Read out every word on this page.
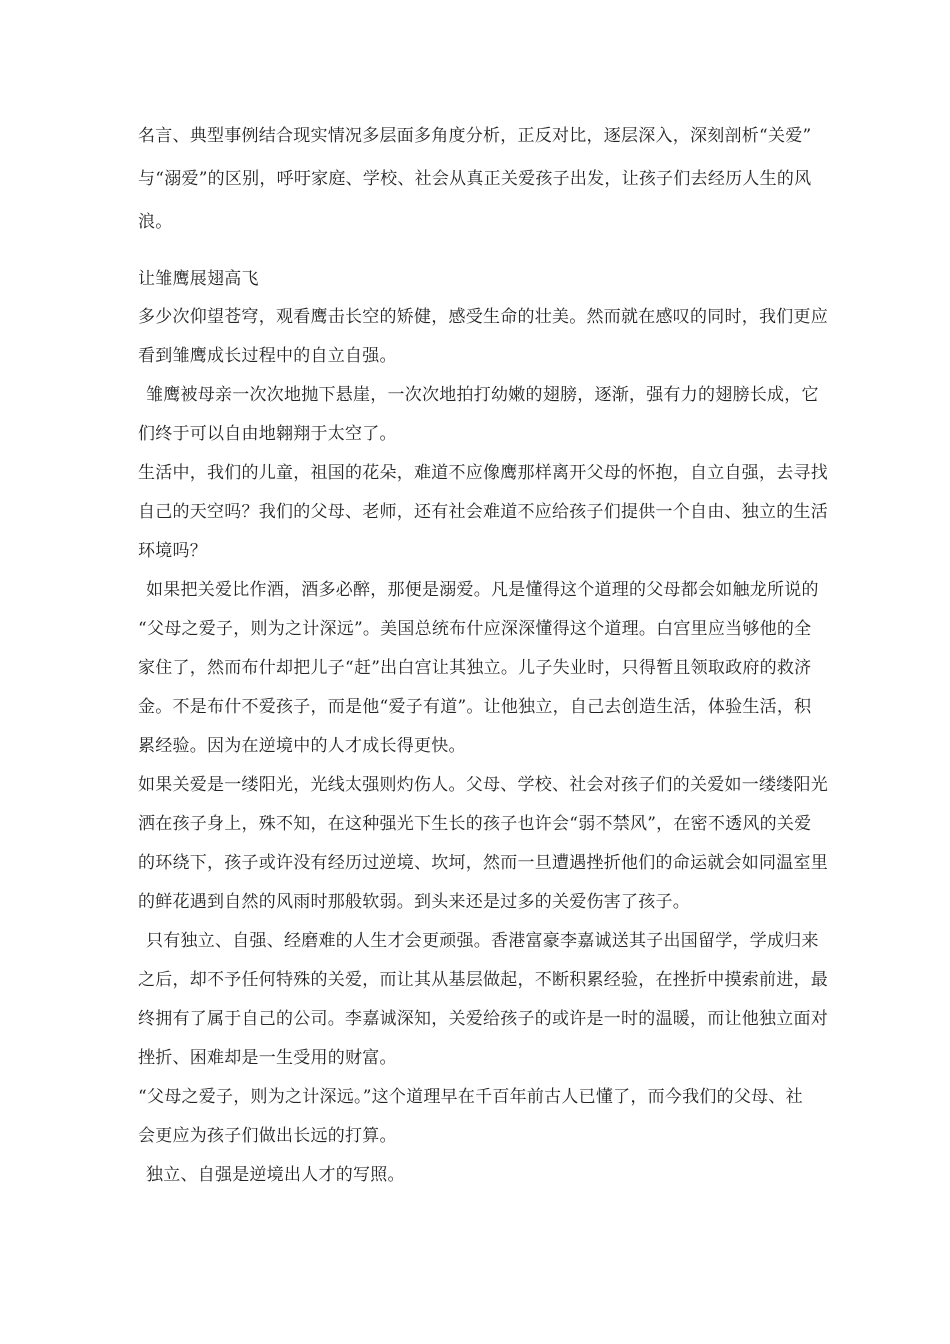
名言、典型事例结合现实情况多层面多角度分析，正反对比，逐层深入，深刻剖析“关爱”
与“溺爱”的区别，呼吁家庭、学校、社会从真正关爱孩子出发，让孩子们去经历人生的风
浪。
让雏鹰展翅高飞
多少次仰望苍穹，观看鹰击长空的矫健，感受生命的壮美。然而就在感叹的同时，我们更应
看到雏鹰成长过程中的自立自强。
雏鹰被母亲一次次地抛下悬崖，一次次地拍打幼嫩的翅膀，逐渐，强有力的翅膀长成，它
们终于可以自由地翱翔于太空了。
生活中，我们的儿童，祖国的花朵，难道不应像鹰那样离开父母的怀抱，自立自强，去寻找
自己的天空吗？我们的父母、老师，还有社会难道不应给孩子们提供一个自由、独立的生活
环境吗？
如果把关爱比作酒，酒多必醉，那便是溺爱。凡是懂得这个道理的父母都会如触龙所说的
“父母之爱子，则为之计深远”。美国总统布什应深深懂得这个道理。白宫里应当够他的全
家住了，然而布什却把儿子“赶”出白宫让其独立。儿子失业时，只得暂且领取政府的救济
金。不是布什不爱孩子，而是他“爱子有道”。让他独立，自己去创造生活，体验生活，积
累经验。因为在逆境中的人才成长得更快。
如果关爱是一缕阳光，光线太强则灼伤人。父母、学校、社会对孩子们的关爱如一缕缕阳光
洒在孩子身上，殊不知，在这种强光下生长的孩子也许会“弱不禁风”，在密不透风的关爱
的环绕下，孩子或许没有经历过逆境、坎坷，然而一旦遭遇挫折他们的命运就会如同温室里
的鲜花遇到自然的风雨时那般软弱。到头来还是过多的关爱伤害了孩子。
只有独立、自强、经磨难的人生才会更顽强。香港富豪李嘉诚送其子出国留学，学成归来
之后，却不予任何特殊的关爱，而让其从基层做起，不断积累经验，在挫折中摸索前进，最
终拥有了属于自己的公司。李嘉诚深知，关爱给孩子的或许是一时的温暖，而让他独立面对
挫折、困难却是一生受用的财富。
“父母之爱子，则为之计深远。”这个道理早在千百年前古人已懂了，而今我们的父母、社
会更应为孩子们做出长远的打算。
独立、自强是逆境出人才的写照。
